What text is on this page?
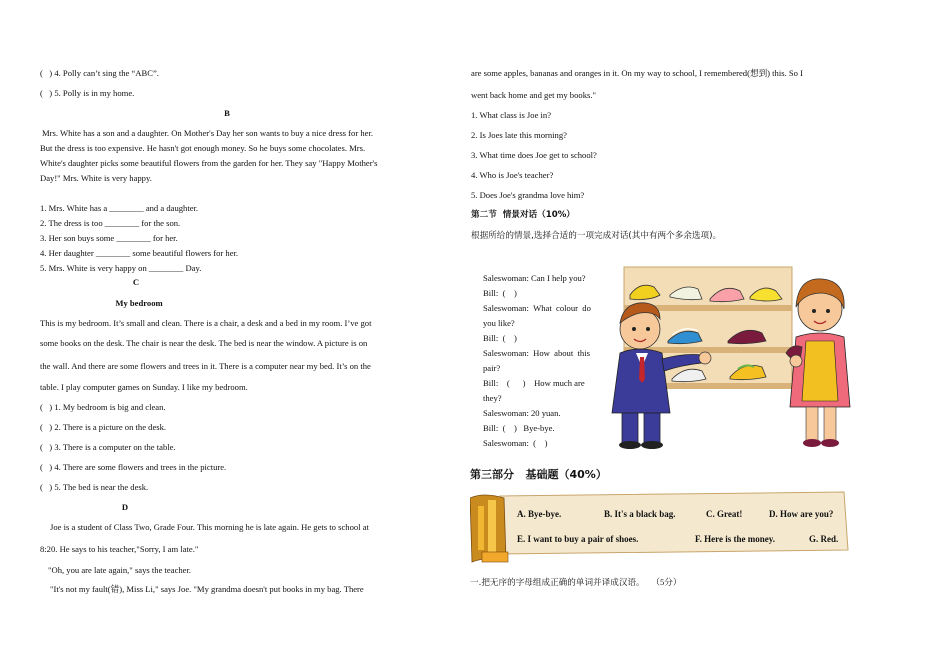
(   ) 4. Polly can’t sing the “ABC”.
(   ) 5. Polly is in my home.
B
Mrs. White has a son and a daughter. On Mother's Day her son wants to buy a nice dress for her.
But the dress is too expensive. He hasn't got enough money. So he buys some chocolates. Mrs.
White's daughter picks some beautiful flowers from the garden for her. They say "Happy Mother's
Day!" Mrs. White is very happy.
1. Mrs. White has a ________ and a daughter.
2. The dress is too ________ for the son.
3. Her son buys some ________ for her.
4. Her daughter ________ some beautiful flowers for her.
5. Mrs. White is very happy on ________ Day.
C
My bedroom
This is my bedroom. It’s small and clean. There is a chair, a desk and a bed in my room. I’ve got
some books on the desk. The chair is near the desk. The bed is near the window. A picture is on
the wall. And there are some flowers and trees in it. There is a computer near my bed. It’s on the
table. I play computer games on Sunday. I like my bedroom.
(   ) 1. My bedroom is big and clean.
(   ) 2. There is a picture on the desk.
(   ) 3. There is a computer on the table.
(   ) 4. There are some flowers and trees in the picture.
(   ) 5. The bed is near the desk.
D
Joe is a student of Class Two, Grade Four. This morning he is late again. He gets to school at
8:20. He says to his teacher,"Sorry, I am late."
"Oh, you are late again," says the teacher.
"It's not my fault(错), Miss Li," says Joe. "My grandma doesn't put books in my bag. There
are some apples, bananas and oranges in it. On my way to school, I remembered(想到) this. So I
went back home and get my books."
1. What class is Joe in?
2. Is Joes late this morning?
3. What time does Joe get to school?
4. Who is Joe's teacher?
5. Does Joe's grandma love him?
第二节  情景对话（10%）
根据所给的情景,选择合适的一项完成对话(其中有两个多余选项)。
Saleswoman: Can I help you?
Bill:  (    )
Saleswoman:  What  colour  do
you like?
Bill:  (    )
Saleswoman:  How  about  this
pair?
Bill:    (      )    How much are
they?
Saleswoman: 20 yuan.
Bill:  (    )   Bye-bye.
Saleswoman:  (    )
第三部分   基础题（40%）
A. Bye-bye.	B. It's a black bag.	C. Great!	D. How are you?
E. I want to buy a pair of shoes.	F. Here is the money.	G. Red.
一.把无序的字母组成正确的单词并译成汉语。 （5分）
